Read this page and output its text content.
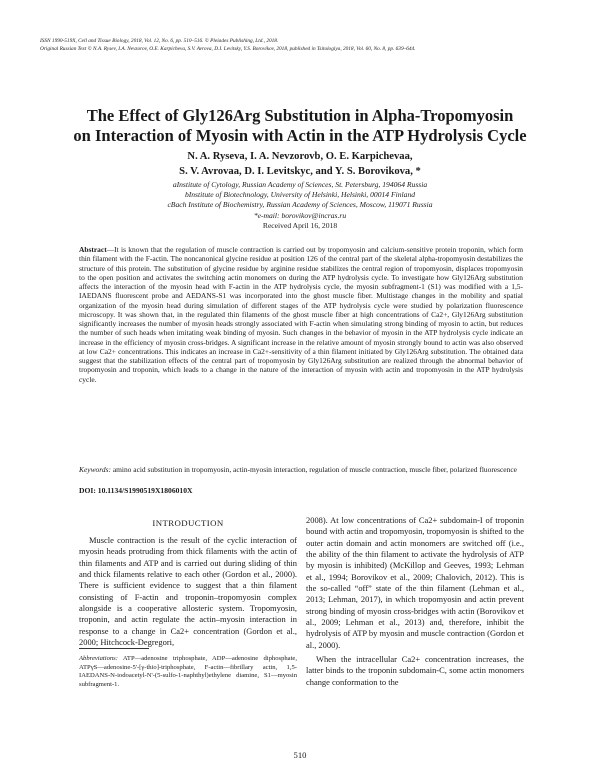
ISSN 1990-519X, Cell and Tissue Biology, 2018, Vol. 12, No. 6, pp. 510–516. © Pleiades Publishing, Ltd., 2018.
Original Russian Text © N.A. Rysev, I.A. Nevzorov, O.E. Karpicheva, S.V. Avrova, D.I. Levitsky, Y.S. Borovikov, 2018, published in Tsitologiya, 2018, Vol. 60, No. 8, pp. 639–644.
The Effect of Gly126Arg Substitution in Alpha-Tropomyosin
on Interaction of Myosin with Actin in the ATP Hydrolysis Cycle
N. A. Ryseva, I. A. Nevzorovb, O. E. Karpichevaa,
S. V. Avrovaa, D. I. Levitskyc, and Y. S. Borovikova, *
aInstitute of Cytology, Russian Academy of Sciences, St. Petersburg, 194064 Russia
bInstitute of Biotechnology, University of Helsinki, Helsinki, 00014 Finland
cBach Institute of Biochemistry, Russian Academy of Sciences, Moscow, 119071 Russia
*e-mail: borovikov@incras.ru
Received April 16, 2018
Abstract—It is known that the regulation of muscle contraction is carried out by tropomyosin and calcium-sensitive protein troponin, which form thin filament with the F-actin. The noncanonical glycine residue at position 126 of the central part of the skeletal alpha-tropomyosin destabilizes the structure of this protein. The substitution of glycine residue by arginine residue stabilizes the central region of tropomyosin, displaces tropomyosin to the open position and activates the switching actin monomers on during the ATP hydrolysis cycle. To investigate how Gly126Arg substitution affects the interaction of the myosin head with F-actin in the ATP hydrolysis cycle, the myosin subfragment-1 (S1) was modified with a 1,5-IAEDANS fluorescent probe and AEDANS-S1 was incorporated into the ghost muscle fiber. Multistage changes in the mobility and spatial organization of the myosin head during simulation of different stages of the ATP hydrolysis cycle were studied by polarization fluorescence microscopy. It was shown that, in the regulated thin filaments of the ghost muscle fiber at high concentrations of Ca2+, Gly126Arg substitution significantly increases the number of myosin heads strongly associated with F-actin when simulating strong binding of myosin to actin, but reduces the number of such heads when imitating weak binding of myosin. Such changes in the behavior of myosin in the ATP hydrolysis cycle indicate an increase in the efficiency of myosin cross-bridges. A significant increase in the relative amount of myosin strongly bound to actin was also observed at low Ca2+ concentrations. This indicates an increase in Ca2+-sensitivity of a thin filament initiated by Gly126Arg substitution. The obtained data suggest that the stabilization effects of the central part of tropomyosin by Gly126Arg substitution are realized through the abnormal behavior of tropomyosin and troponin, which leads to a change in the nature of the interaction of myosin with actin and tropomyosin in the ATP hydrolysis cycle.
Keywords: amino acid substitution in tropomyosin, actin-myosin interaction, regulation of muscle contraction, muscle fiber, polarized fluorescence
DOI: 10.1134/S1990519X1806010X
INTRODUCTION

Muscle contraction is the result of the cyclic interaction of myosin heads protruding from thick filaments with the actin of thin filaments and ATP and is carried out during sliding of thin and thick filaments relative to each other (Gordon et al., 2000). There is sufficient evidence to suggest that a thin filament consisting of F-actin and troponin–tropomyosin complex alongside is a cooperative allosteric system. Tropomyosin, troponin, and actin regulate the actin–myosin interaction in response to a change in Ca2+ concentration (Gordon et al., 2000; Hitchcock-Degregori,

Abbreviations: ATP—adenosine triphosphate, ADP—adenosine diphosphate, ATPγS—adenosine-5'-[γ-thio]-triphosphate, F-actin—fibrillary actin, 1,5-IAEDANS-N-iodoacetyl-N'-(5-sulfo-1-naphthyl)ethylene diamine, S1—myosin subfragment-1.

2008). At low concentrations of Ca2+ subdomain-I of troponin bound with actin and tropomyosin, tropomyosin is shifted to the outer actin domain and actin monomers are switched off (i.e., the ability of the thin filament to activate the hydrolysis of ATP by myosin is inhibited) (McKillop and Geeves, 1993; Lehman et al., 1994; Borovikov et al., 2009; Chalovich, 2012). This is the so-called “off” state of the thin filament (Lehman et al., 2013; Lehman, 2017), in which tropomyosin and actin prevent strong binding of myosin cross-bridges with actin (Borovikov et al., 2009; Lehman et al., 2013) and, therefore, inhibit the hydrolysis of ATP by myosin and muscle contraction (Gordon et al., 2000).

When the intracellular Ca2+ concentration increases, the latter binds to the troponin subdomain-C, some actin monomers change conformation to the

510
